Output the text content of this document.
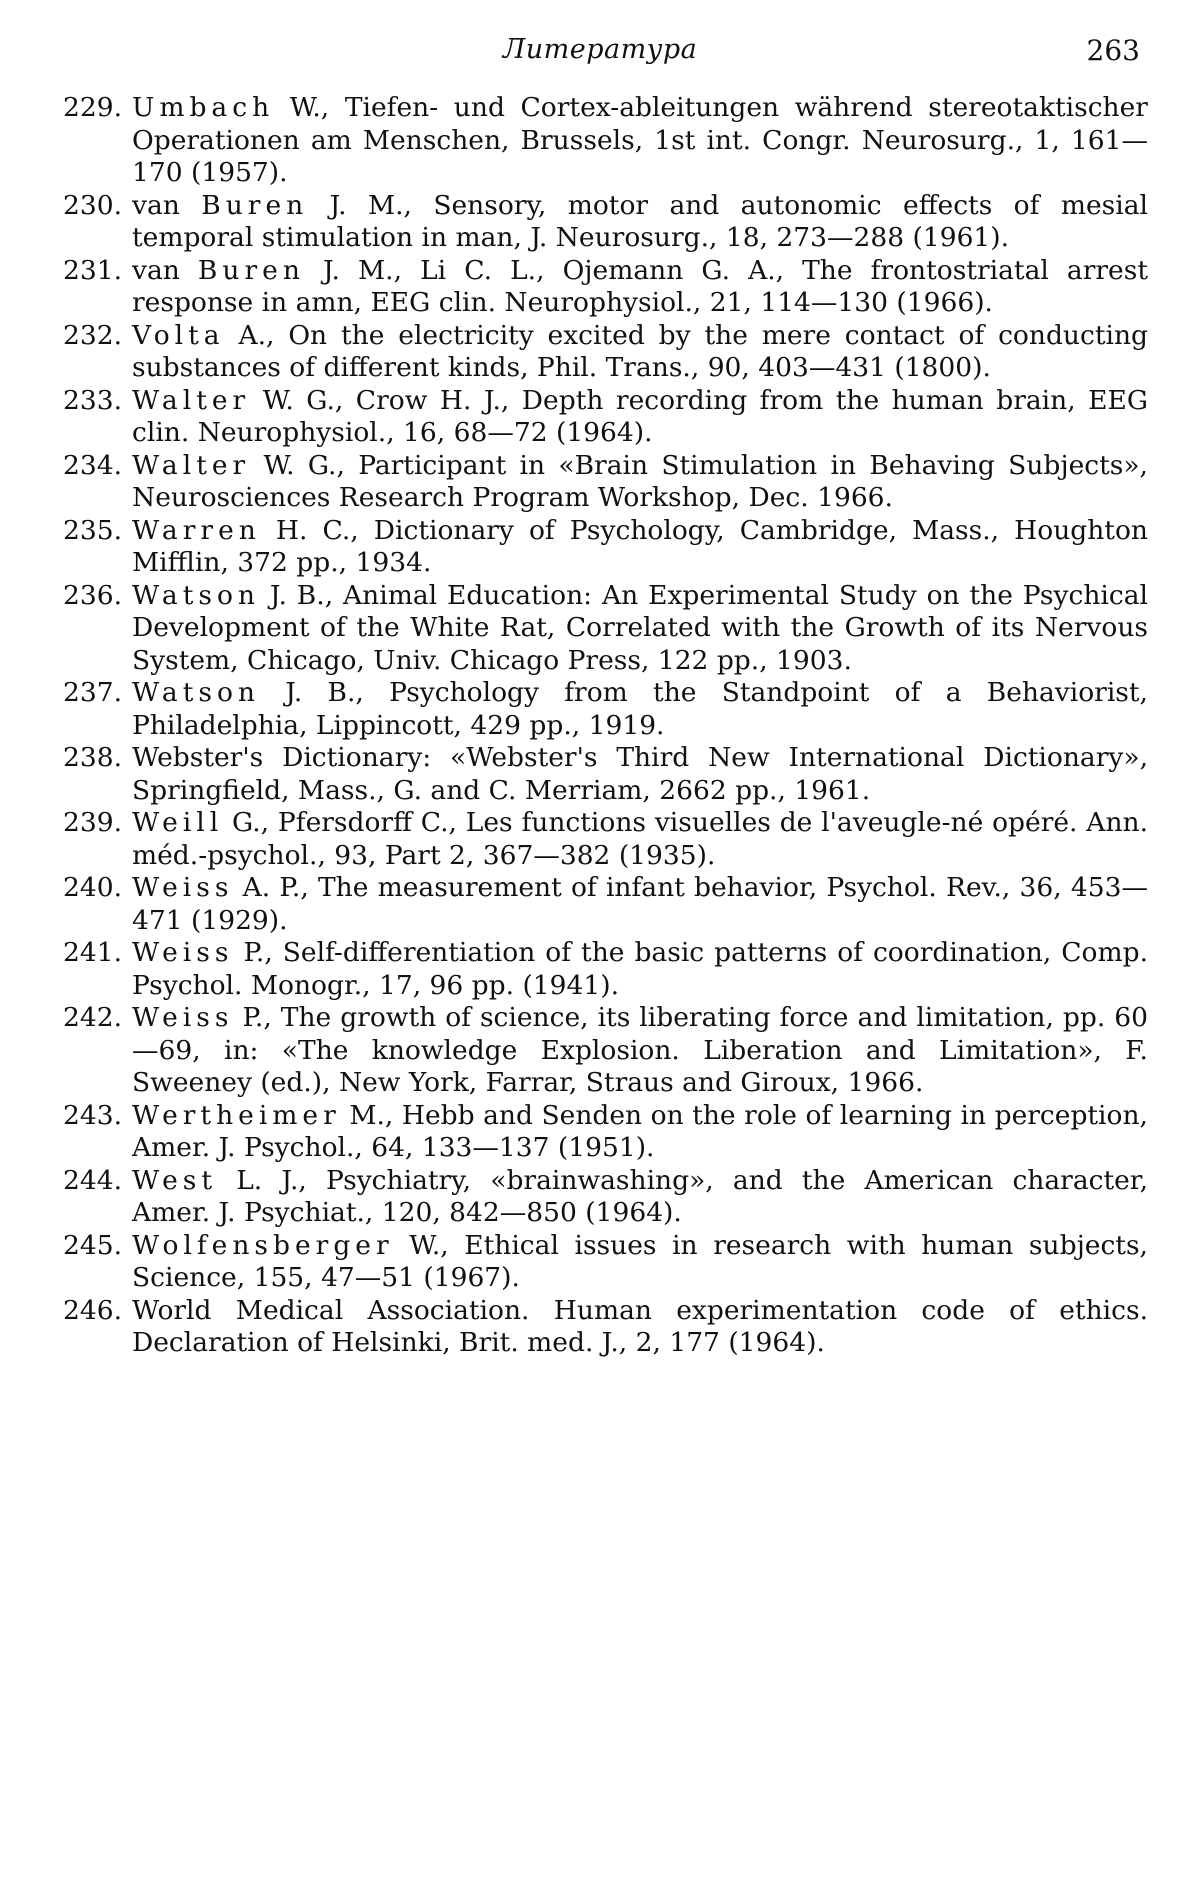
Литература	263
229. Umbach W., Tiefen- und Cortex-ableitungen während stereotaktischer Operationen am Menschen, Brussels, 1st int. Congr. Neurosurg., 1, 161—170 (1957).
230. van Buren J. M., Sensory, motor and autonomic effects of mesial temporal stimulation in man, J. Neurosurg., 18, 273—288 (1961).
231. van Buren J. M., Li C. L., Ojemann G. A., The frontostriatal arrest response in amn, EEG clin. Neurophysiol., 21, 114—130 (1966).
232. Volta A., On the electricity excited by the mere contact of conducting substances of different kinds, Phil. Trans., 90, 403—431 (1800).
233. Walter W. G., Crow H. J., Depth recording from the human brain, EEG clin. Neurophysiol., 16, 68—72 (1964).
234. Walter W. G., Participant in «Brain Stimulation in Behaving Subjects», Neurosciences Research Program Workshop, Dec. 1966.
235. Warren H. C., Dictionary of Psychology, Cambridge, Mass., Houghton Mifflin, 372 pp., 1934.
236. Watson J. B., Animal Education: An Experimental Study on the Psychical Development of the White Rat, Correlated with the Growth of its Nervous System, Chicago, Univ. Chicago Press, 122 pp., 1903.
237. Watson J. B., Psychology from the Standpoint of a Behaviorist, Philadelphia, Lippincott, 429 pp., 1919.
238. Webster's Dictionary: «Webster's Third New International Dictionary», Springfield, Mass., G. and C. Merriam, 2662 pp., 1961.
239. Weill G., Pfersdorff C., Les functions visuelles de l'aveugle-né opéré. Ann. méd.-psychol., 93, Part 2, 367—382 (1935).
240. Weiss A. P., The measurement of infant behavior, Psychol. Rev., 36, 453—471 (1929).
241. Weiss P., Self-differentiation of the basic patterns of coordination, Comp. Psychol. Monogr., 17, 96 pp. (1941).
242. Weiss P., The growth of science, its liberating force and limitation, pp. 60—69, in: «The knowledge Explosion. Liberation and Limitation», F. Sweeney (ed.), New York, Farrar, Straus and Giroux, 1966.
243. Wertheimer M., Hebb and Senden on the role of learning in perception, Amer. J. Psychol., 64, 133—137 (1951).
244. West L. J., Psychiatry, «brainwashing», and the American character, Amer. J. Psychiat., 120, 842—850 (1964).
245. Wolfensberger W., Ethical issues in research with human subjects, Science, 155, 47—51 (1967).
246. World Medical Association. Human experimentation code of ethics. Declaration of Helsinki, Brit. med. J., 2, 177 (1964).
